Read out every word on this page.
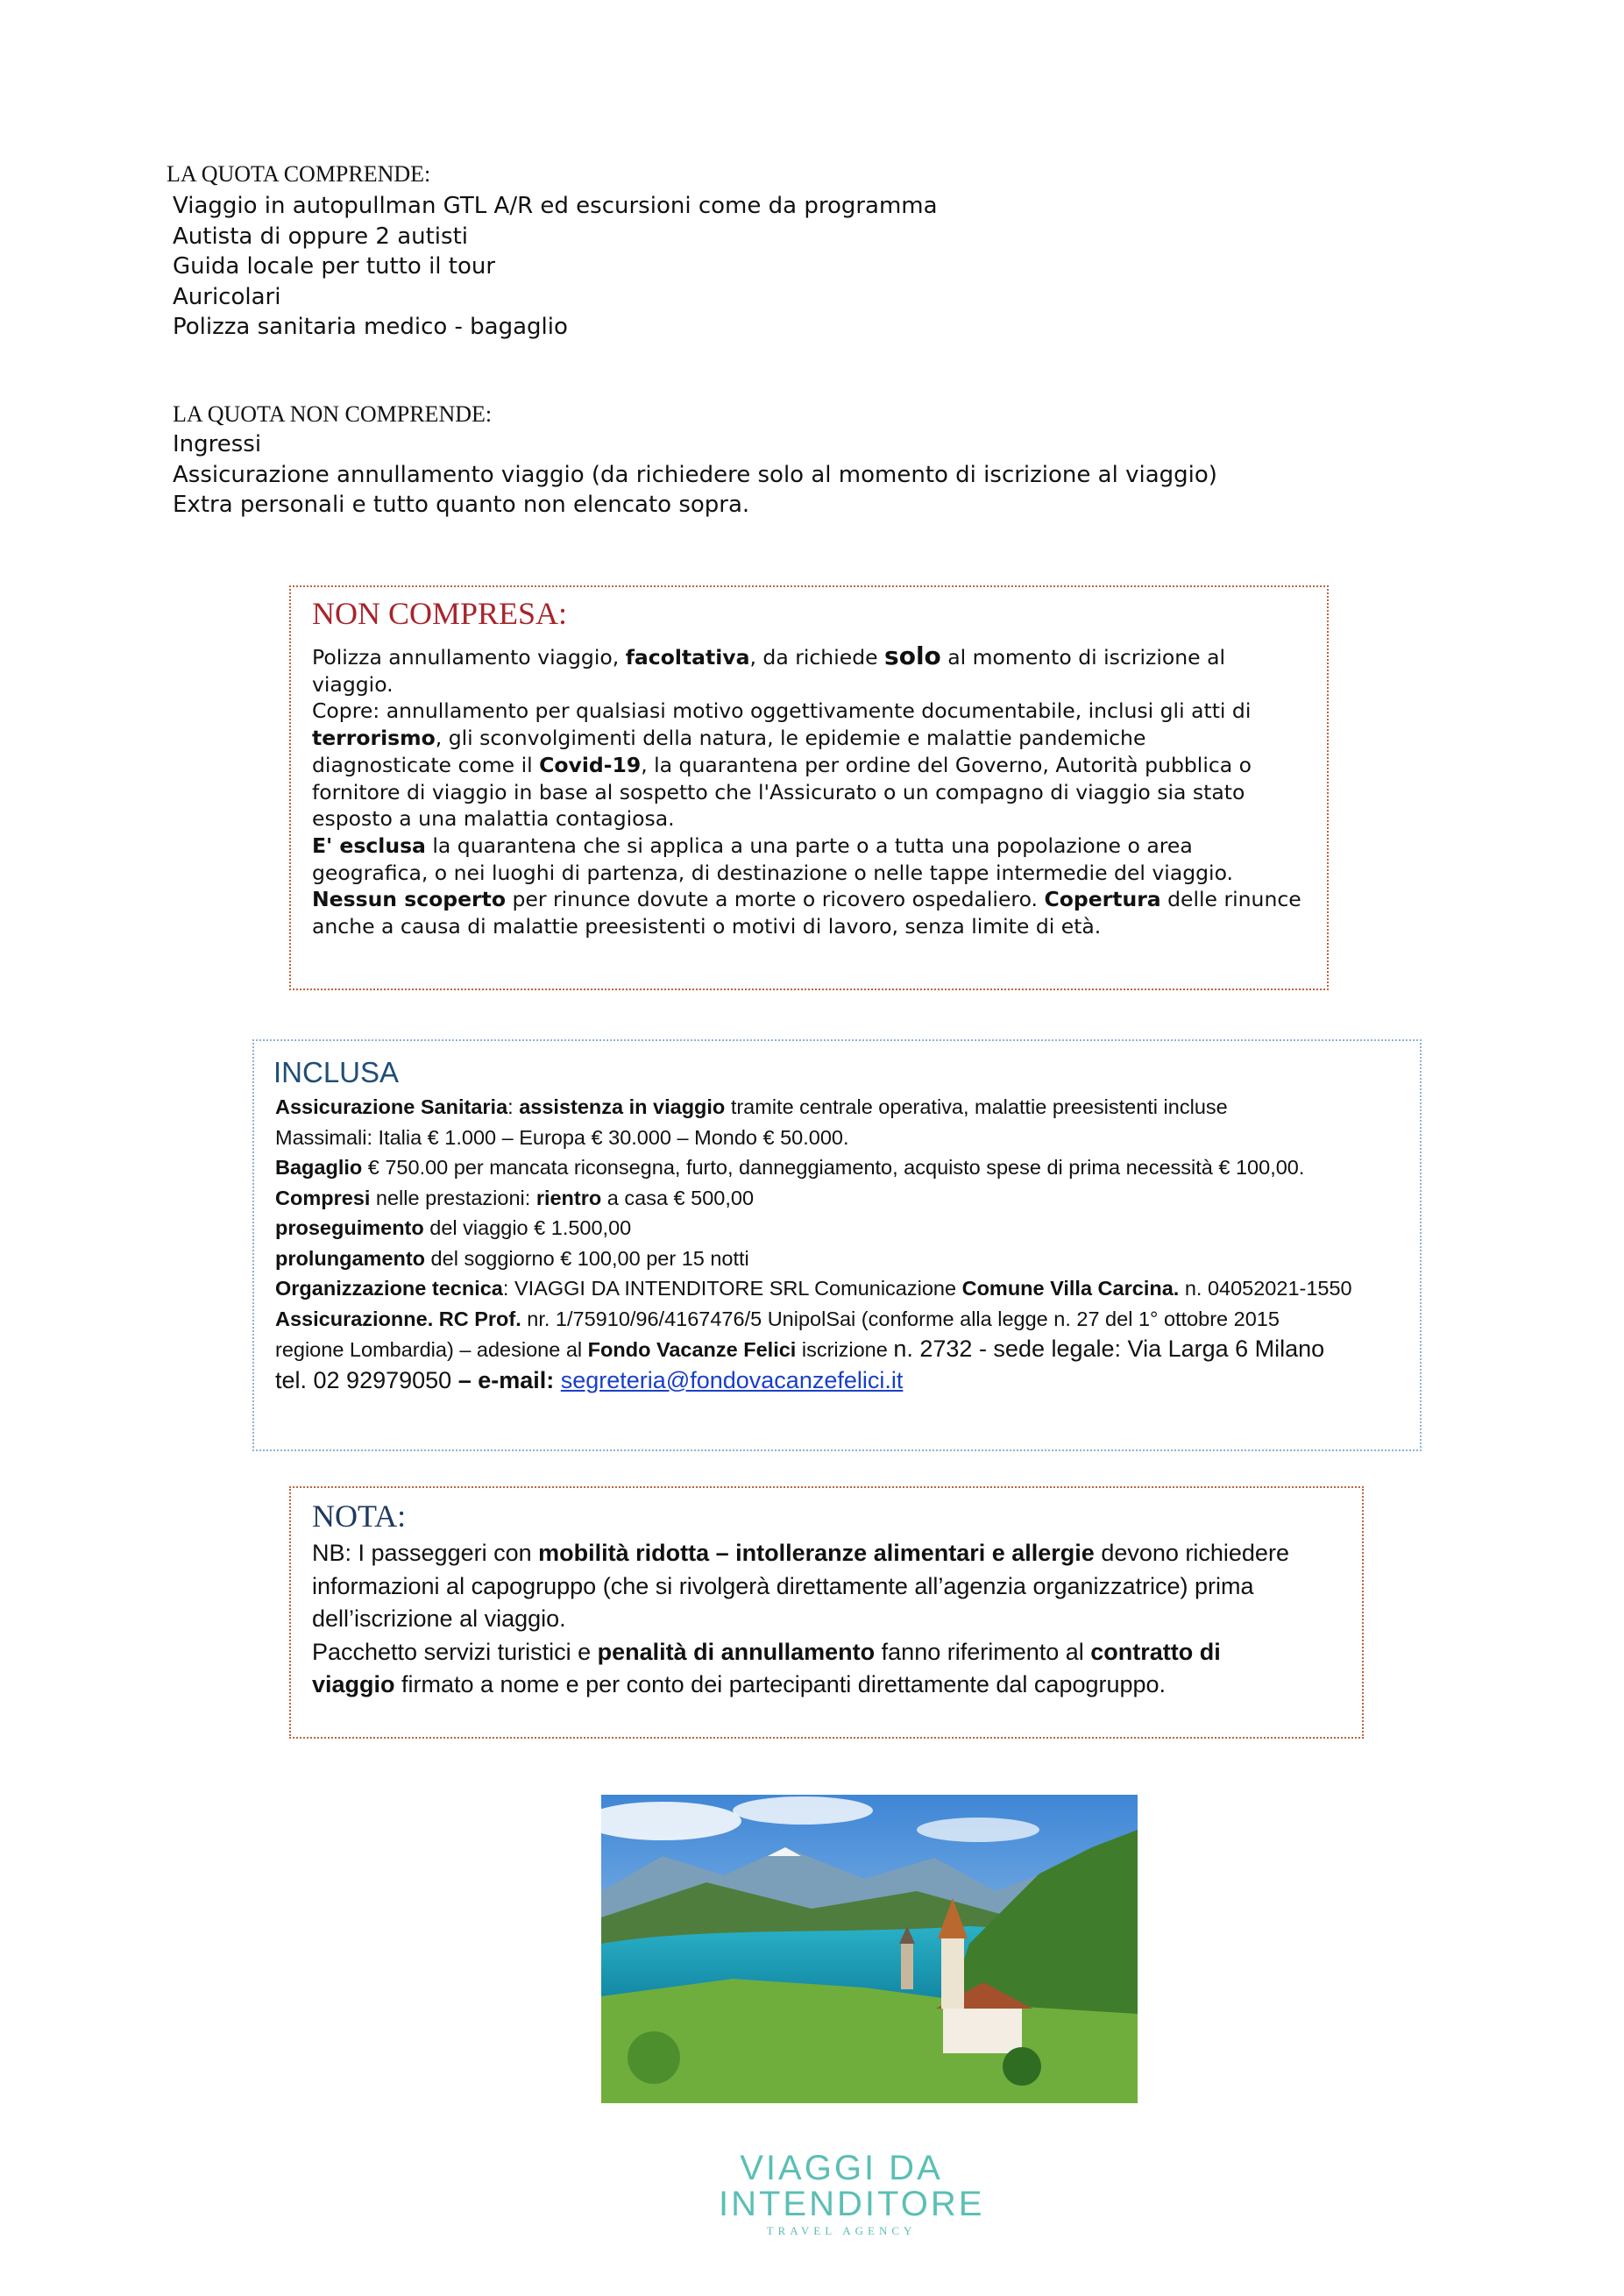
LA QUOTA COMPRENDE:
Viaggio in autopullman GTL A/R ed escursioni come da programma
Autista di oppure 2 autisti
Guida locale per tutto il tour
Auricolari
Polizza sanitaria medico - bagaglio
LA QUOTA NON COMPRENDE:
Ingressi
Assicurazione annullamento viaggio (da richiedere solo al momento di iscrizione al viaggio)
Extra personali e tutto quanto non elencato sopra.
NON COMPRESA:
Polizza annullamento viaggio, facoltativa, da richiede solo al momento di iscrizione al
viaggio.
Copre: annullamento per qualsiasi motivo oggettivamente documentabile, inclusi gli atti di
terrorismo, gli sconvolgimenti della natura, le epidemie e malattie pandemiche
diagnosticate come il Covid-19, la quarantena per ordine del Governo, Autorità pubblica o
fornitore di viaggio in base al sospetto che l'Assicurato o un compagno di viaggio sia stato
esposto a una malattia contagiosa.
E' esclusa la quarantena che si applica a una parte o a tutta una popolazione o area
geografica, o nei luoghi di partenza, di destinazione o nelle tappe intermedie del viaggio.
Nessun scoperto per rinunce dovute a morte o ricovero ospedaliero. Copertura delle rinunce
anche a causa di malattie preesistenti o motivi di lavoro, senza limite di età.
INCLUSA
Assicurazione Sanitaria: assistenza in viaggio tramite centrale operativa, malattie preesistenti incluse
Massimali: Italia € 1.000 – Europa € 30.000 – Mondo € 50.000.
Bagaglio € 750.00 per mancata riconsegna, furto, danneggiamento, acquisto spese di prima necessità € 100,00.
Compresi nelle prestazioni: rientro a casa € 500,00
proseguimento del viaggio € 1.500,00
prolungamento del soggiorno € 100,00 per 15 notti
Organizzazione tecnica: VIAGGI DA INTENDITORE SRL Comunicazione Comune Villa Carcina. n. 04052021-1550
Assicurazionne. RC Prof. nr. 1/75910/96/4167476/5 UnipolSai (conforme alla legge n. 27 del 1° ottobre 2015
regione Lombardia) – adesione al Fondo Vacanze Felici iscrizione n. 2732 - sede legale: Via Larga 6 Milano
tel. 02 92979050 – e-mail: segreteria@fondovacanzefelici.it
NOTA:
NB: I passeggeri con mobilità ridotta – intolleranze alimentari e allergie devono richiedere
informazioni al capogruppo (che si rivolgerà direttamente all’agenzia organizzatrice) prima
dell’iscrizione al viaggio.
Pacchetto servizi turistici e penalità di annullamento fanno riferimento al contratto di
viaggio firmato a nome e per conto dei partecipanti direttamente dal capogruppo.
VIAGGI DA
INTENDITORE
TRAVEL AGENCY
